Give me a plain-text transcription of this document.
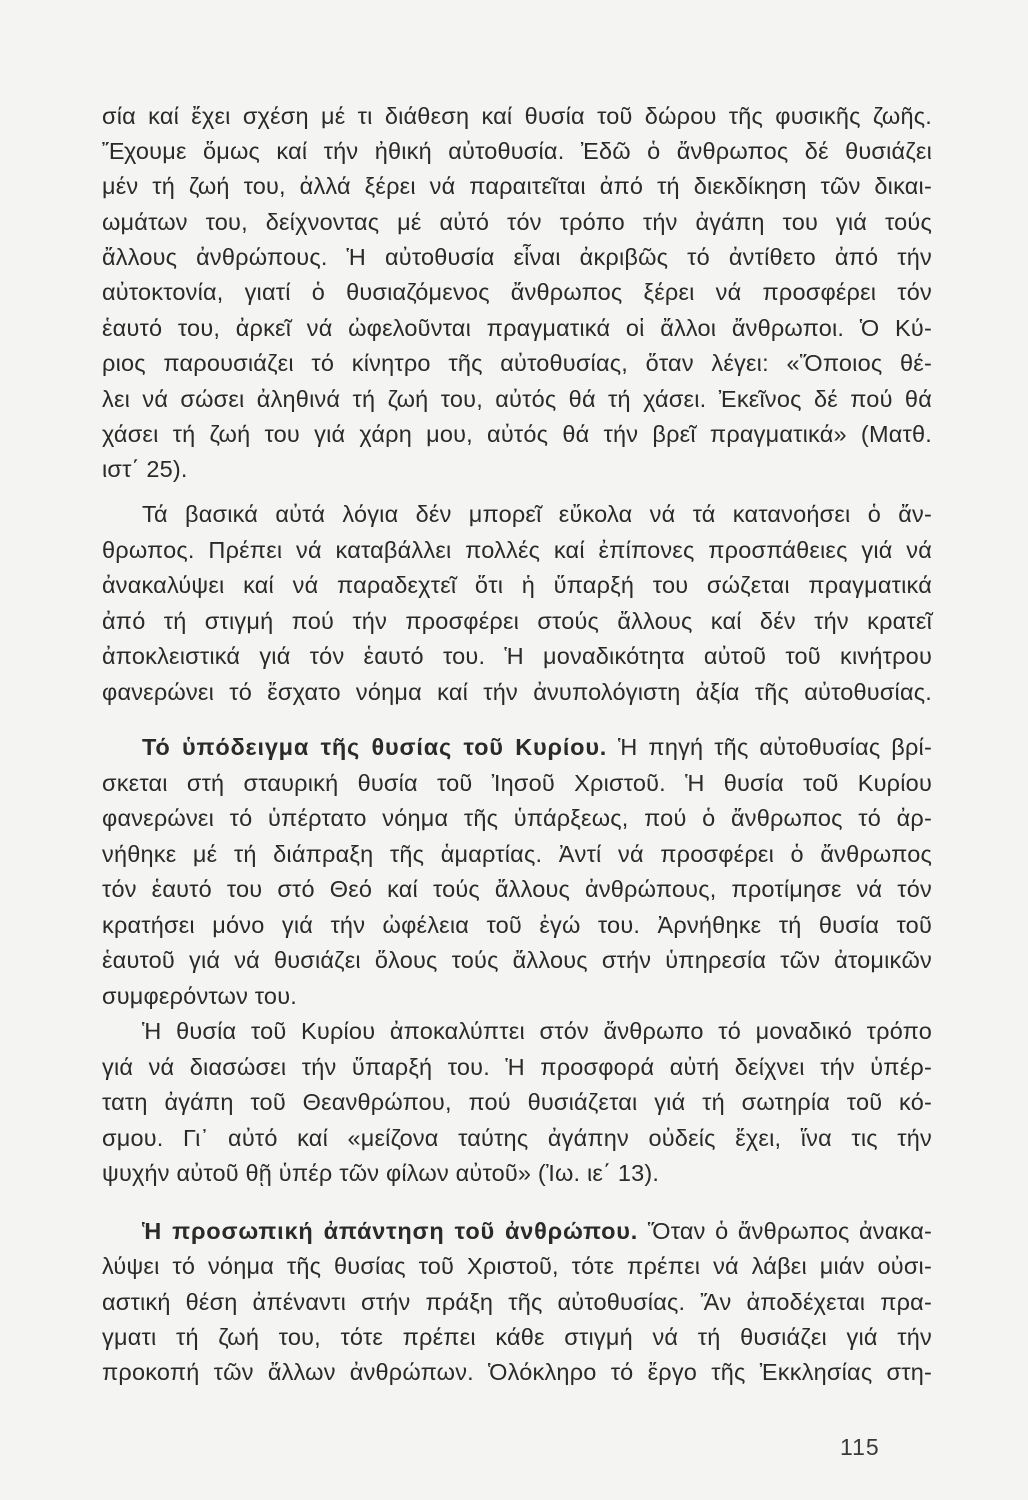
σία καί ἔχει σχέση μέ τι διάθεση καί θυσία τοῦ δώρου τῆς φυσικῆς ζωῆς.
Ἔχουμε ὅμως καί τήν ἠθική αὐτοθυσία. Ἐδῶ ὁ ἄνθρωπος δέ θυσιάζει
μέν τή ζωή του, ἀλλά ξέρει νά παραιτεῖται ἀπό τή διεκδίκηση τῶν δικαι-
ωμάτων του, δείχνοντας μέ αὐτό τόν τρόπο τήν ἀγάπη του γιά τούς
ἄλλους ἀνθρώπους. Ἡ αὐτοθυσία εἶναι ἀκριβῶς τό ἀντίθετο ἀπό τήν
αὐτοκτονία, γιατί ὁ θυσιαζόμενος ἄνθρωπος ξέρει νά προσφέρει τόν
ἑαυτό του, ἀρκεῖ νά ὠφελοῦνται πραγματικά οἱ ἄλλοι ἄνθρωποι. Ὁ Κύ-
ριος παρουσιάζει τό κίνητρο τῆς αὐτοθυσίας, ὅταν λέγει: «Ὅποιος θέ-
λει νά σώσει ἀληθινά τή ζωή του, αὐτός θά τή χάσει. Ἐκεῖνος δέ πού θά
χάσει τή ζωή του γιά χάρη μου, αὐτός θά τήν βρεῖ πραγματικά» (Ματθ.
ιστ΄ 25).
Τά βασικά αὐτά λόγια δέν μπορεῖ εὔκολα νά τά κατανοήσει ὁ ἄν-
θρωπος. Πρέπει νά καταβάλλει πολλές καί ἐπίπονες προσπάθειες γιά νά
ἀνακαλύψει καί νά παραδεχτεῖ ὅτι ἡ ὕπαρξή του σώζεται πραγματικά
ἀπό τή στιγμή πού τήν προσφέρει στούς ἄλλους καί δέν τήν κρατεῖ
ἀποκλειστικά γιά τόν ἑαυτό του. Ἡ μοναδικότητα αὐτοῦ τοῦ κινήτρου
φανερώνει τό ἔσχατο νόημα καί τήν ἀνυπολόγιστη ἀξία τῆς αὐτοθυσίας.
Τό ὑπόδειγμα τῆς θυσίας τοῦ Κυρίου. Ἡ πηγή τῆς αὐτοθυσίας βρί-
σκεται στή σταυρική θυσία τοῦ Ἰησοῦ Χριστοῦ. Ἡ θυσία τοῦ Κυρίου
φανερώνει τό ὑπέρτατο νόημα τῆς ὑπάρξεως, πού ὁ ἄνθρωπος τό ἀρ-
νήθηκε μέ τή διάπραξη τῆς ἁμαρτίας. Ἀντί νά προσφέρει ὁ ἄνθρωπος
τόν ἑαυτό του στό Θεό καί τούς ἄλλους ἀνθρώπους, προτίμησε νά τόν
κρατήσει μόνο γιά τήν ὠφέλεια τοῦ ἐγώ του. Ἀρνήθηκε τή θυσία τοῦ
ἑαυτοῦ γιά νά θυσιάζει ὅλους τούς ἄλλους στήν ὑπηρεσία τῶν ἀτομικῶν
συμφερόντων του.
Ἡ θυσία τοῦ Κυρίου ἀποκαλύπτει στόν ἄνθρωπο τό μοναδικό τρόπο
γιά νά διασώσει τήν ὕπαρξή του. Ἡ προσφορά αὐτή δείχνει τήν ὑπέρ-
τατη ἀγάπη τοῦ Θεανθρώπου, πού θυσιάζεται γιά τή σωτηρία τοῦ κό-
σμου. Γι᾿ αὐτό καί «μείζονα ταύτης ἀγάπην οὐδείς ἔχει, ἵνα τις τήν
ψυχήν αὐτοῦ θῇ ὑπέρ τῶν φίλων αὐτοῦ» (Ἰω. ιε΄ 13).
Ἡ προσωπική ἀπάντηση τοῦ ἀνθρώπου. Ὅταν ὁ ἄνθρωπος ἀνακα-
λύψει τό νόημα τῆς θυσίας τοῦ Χριστοῦ, τότε πρέπει νά λάβει μιάν οὐσι-
αστική θέση ἀπέναντι στήν πράξη τῆς αὐτοθυσίας. Ἄν ἀποδέχεται πρα-
γματι τή ζωή του, τότε πρέπει κάθε στιγμή νά τή θυσιάζει γιά τήν
προκοπή τῶν ἄλλων ἀνθρώπων. Ὁλόκληρο τό ἔργο τῆς Ἐκκλησίας στη-
115
